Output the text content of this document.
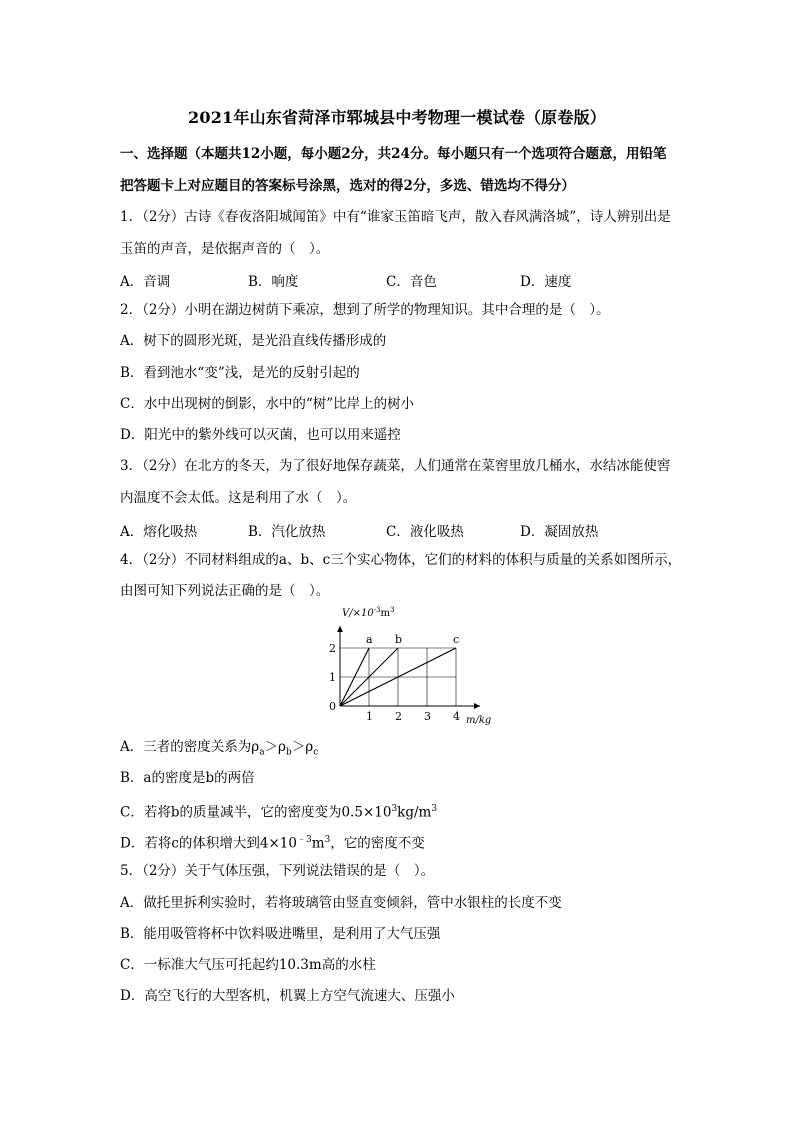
2021年山东省菏泽市郓城县中考物理一模试卷（原卷版）
一、选择题（本题共12小题，每小题2分，共24分。每小题只有一个选项符合题意，用铅笔
把答题卡上对应题目的答案标号涂黑，选对的得2分，多选、错选均不得分）
1．（2分）古诗《春夜洛阳城闻笛》中有“谁家玉笛暗飞声，散入春风满洛城”，诗人辨别出是
玉笛的声音，是依据声音的（　）。
A．音调	B．响度	C．音色	D．速度
2．（2分）小明在湖边树荫下乘凉，想到了所学的物理知识。其中合理的是（　）。
A．树下的圆形光斑，是光沿直线传播形成的
B．看到池水“变”浅，是光的反射引起的
C．水中出现树的倒影，水中的“树”比岸上的树小
D．阳光中的紫外线可以灭菌，也可以用来遥控
3．（2分）在北方的冬天，为了很好地保存蔬菜，人们通常在菜窖里放几桶水，水结冰能使窖
内温度不会太低。这是利用了水（　）。
A．熔化吸热	B．汽化放热	C．液化吸热	D．凝固放热
4．（2分）不同材料组成的a、b、c三个实心物体，它们的材料的体积与质量的关系如图所示，
由图可知下列说法正确的是（　）。
a b	c
1 2 3 4
1
2
0
$V/\times 10^{-3}m^3$
m/kg
A．三者的密度关系为$\rho_a>\rho_b>\rho_c$
B．a的密度是b的两倍
C．若将b的质量减半，它的密度变为$0.5\times 10^3kg/m^3$
D．若将c的体积增大到$4\times 10^{﹣3}m^3$，它的密度不变
5．（2分）关于气体压强，下列说法错误的是（　）。
A．做托里拆利实验时，若将玻璃管由竖直变倾斜，管中水银柱的长度不变
B．能用吸管将杯中饮料吸进嘴里，是利用了大气压强
C．一标准大气压可托起约10.3m高的水柱
D．高空飞行的大型客机，机翼上方空气流速大、压强小
